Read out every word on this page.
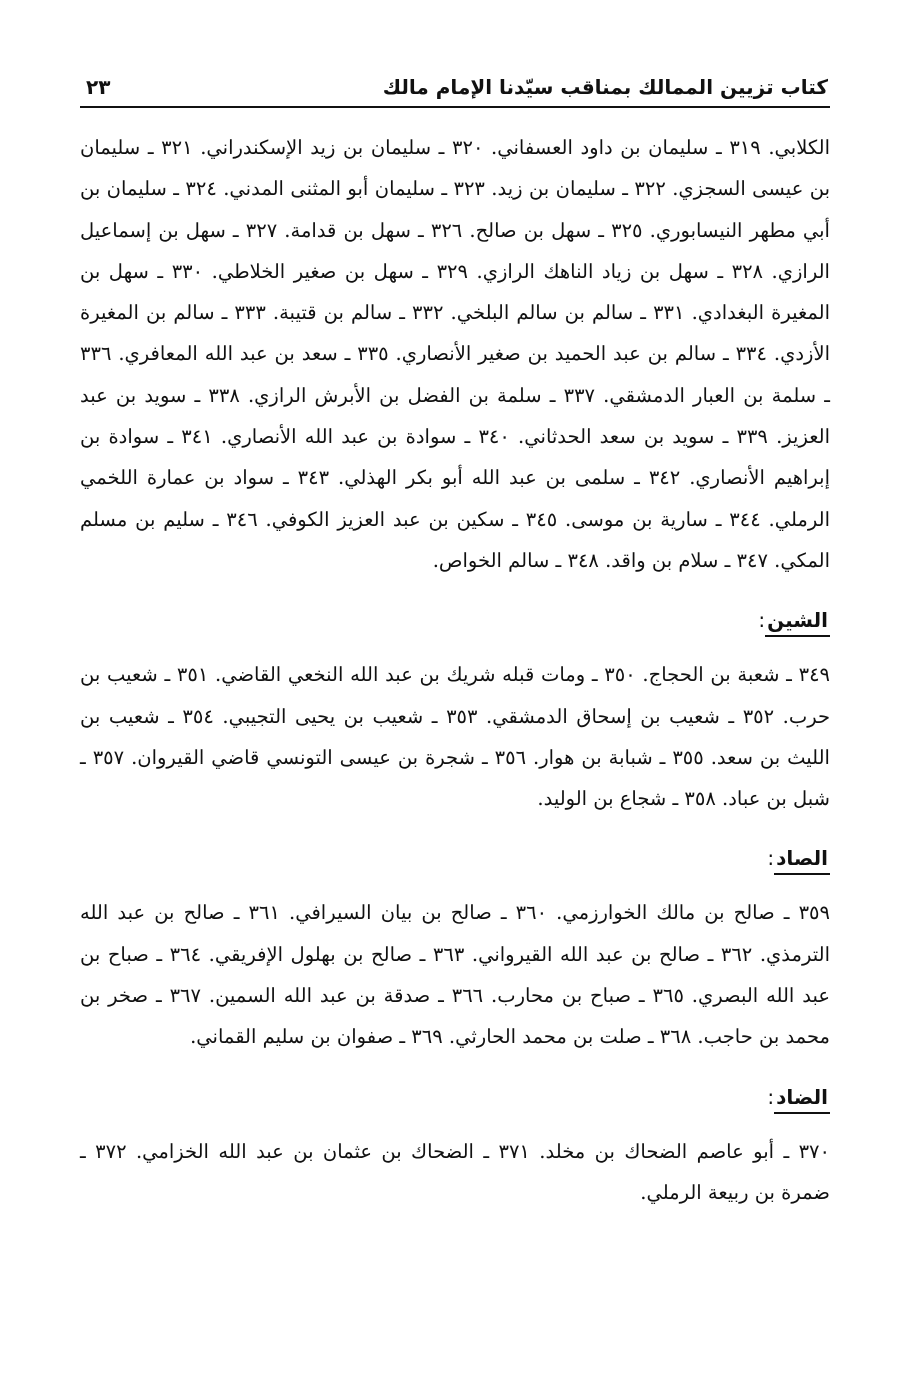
كتاب تزيين الممالك بمناقب سيّدنا الإمام مالك
٢٣

الكلابي. ٣١٩ ـ سليمان بن داود العسفاني. ٣٢٠ ـ سليمان بن زيد الإسكندراني. ٣٢١ ـ سليمان بن عيسى السجزي. ٣٢٢ ـ سليمان بن زيد. ٣٢٣ ـ سليمان أبو المثنى المدني. ٣٢٤ ـ سليمان بن أبي مطهر النيسابوري. ٣٢٥ ـ سهل بن صالح. ٣٢٦ ـ سهل بن قدامة. ٣٢٧ ـ سهل بن إسماعيل الرازي. ٣٢٨ ـ سهل بن زياد الناهك الرازي. ٣٢٩ ـ سهل بن صغير الخلاطي. ٣٣٠ ـ سهل بن المغيرة البغدادي. ٣٣١ ـ سالم بن سالم البلخي. ٣٣٢ ـ سالم بن قتيبة. ٣٣٣ ـ سالم بن المغيرة الأزدي. ٣٣٤ ـ سالم بن عبد الحميد بن صغير الأنصاري. ٣٣٥ ـ سعد بن عبد الله المعافري. ٣٣٦ ـ سلمة بن العبار الدمشقي. ٣٣٧ ـ سلمة بن الفضل بن الأبرش الرازي. ٣٣٨ ـ سويد بن عبد العزيز. ٣٣٩ ـ سويد بن سعد الحدثاني. ٣٤٠ ـ سوادة بن عبد الله الأنصاري. ٣٤١ ـ سوادة بن إبراهيم الأنصاري. ٣٤٢ ـ سلمى بن عبد الله أبو بكر الهذلي. ٣٤٣ ـ سواد بن عمارة اللخمي الرملي. ٣٤٤ ـ سارية بن موسى. ٣٤٥ ـ سكين بن عبد العزيز الكوفي. ٣٤٦ ـ سليم بن مسلم المكي. ٣٤٧ ـ سلام بن واقد. ٣٤٨ ـ سالم الخواص.

الشين:

٣٤٩ ـ شعبة بن الحجاج. ٣٥٠ ـ ومات قبله شريك بن عبد الله النخعي القاضي. ٣٥١ ـ شعيب بن حرب. ٣٥٢ ـ شعيب بن إسحاق الدمشقي. ٣٥٣ ـ شعيب بن يحيى التجيبي. ٣٥٤ ـ شعيب بن الليث بن سعد. ٣٥٥ ـ شبابة بن هوار. ٣٥٦ ـ شجرة بن عيسى التونسي قاضي القيروان. ٣٥٧ ـ شبل بن عباد. ٣٥٨ ـ شجاع بن الوليد.

الصاد:

٣٥٩ ـ صالح بن مالك الخوارزمي. ٣٦٠ ـ صالح بن بيان السيرافي. ٣٦١ ـ صالح بن عبد الله الترمذي. ٣٦٢ ـ صالح بن عبد الله القيرواني. ٣٦٣ ـ صالح بن بهلول الإفريقي. ٣٦٤ ـ صباح بن عبد الله البصري. ٣٦٥ ـ صباح بن محارب. ٣٦٦ ـ صدقة بن عبد الله السمين. ٣٦٧ ـ صخر بن محمد بن حاجب. ٣٦٨ ـ صلت بن محمد الحارثي. ٣٦٩ ـ صفوان بن سليم القماني.

الضاد:

٣٧٠ ـ أبو عاصم الضحاك بن مخلد. ٣٧١ ـ الضحاك بن عثمان بن عبد الله الخزامي. ٣٧٢ ـ ضمرة بن ربيعة الرملي.
